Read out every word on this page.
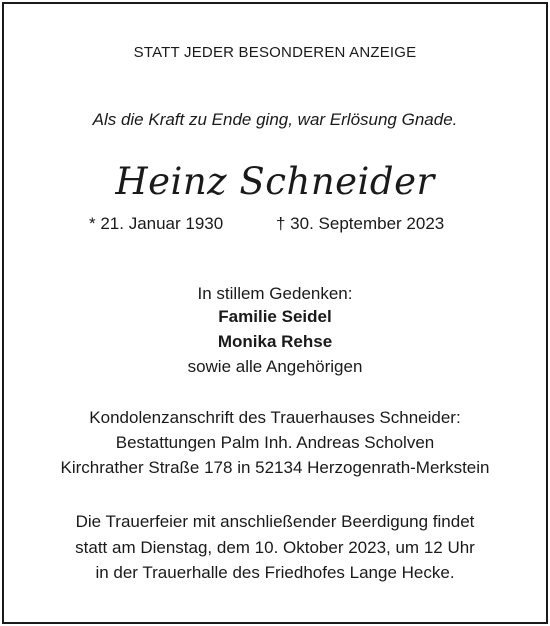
STATT JEDER BESONDEREN ANZEIGE
Als die Kraft zu Ende ging, war Erlösung Gnade.
Heinz Schneider
* 21. Januar 1930	† 30. September 2023
In stillem Gedenken:
Familie Seidel
Monika Rehse
sowie alle Angehörigen
Kondolenzanschrift des Trauerhauses Schneider:
Bestattungen Palm Inh. Andreas Scholven
Kirchrather Straße 178 in 52134 Herzogenrath-Merkstein
Die Trauerfeier mit anschließender Beerdigung findet
statt am Dienstag, dem 10. Oktober 2023, um 12 Uhr
in der Trauerhalle des Friedhofes Lange Hecke.
